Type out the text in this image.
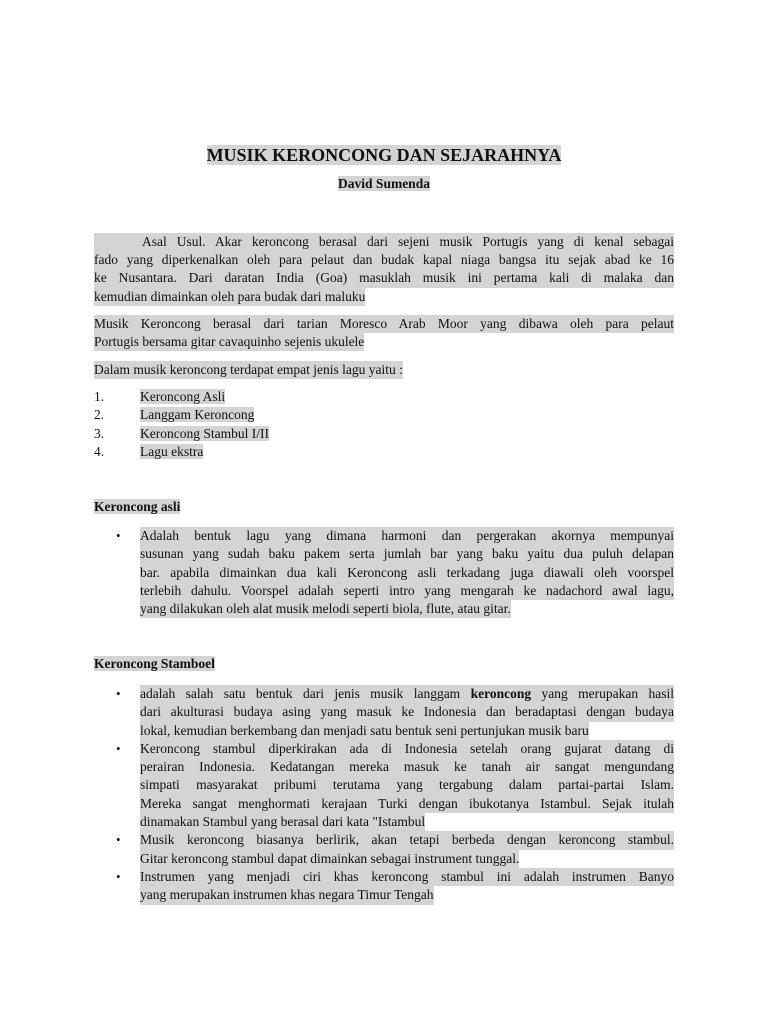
MUSIK KERONCONG DAN SEJARAHNYA
David Sumenda
Asal Usul. Akar keroncong berasal dari sejeni musik Portugis yang di kenal sebagai
fado yang diperkenalkan oleh para pelaut dan budak kapal niaga bangsa itu sejak abad ke 16
ke Nusantara. Dari daratan India (Goa) masuklah musik ini pertama kali di malaka dan
kemudian dimainkan oleh para budak dari maluku
Musik Keroncong berasal dari tarian Moresco Arab Moor yang dibawa oleh para pelaut
Portugis bersama gitar cavaquinho sejenis ukulele
Dalam musik keroncong terdapat empat jenis lagu yaitu :
1.	Keroncong Asli
2.	Langgam Keroncong
3.	Keroncong Stambul I/II
4.	Lagu ekstra
Keroncong asli
• Adalah bentuk lagu yang dimana harmoni dan pergerakan akornya mempunyai
susunan yang sudah baku pakem serta jumlah bar yang baku yaitu dua puluh delapan
bar. apabila dimainkan dua kali Keroncong asli terkadang juga diawali oleh voorspel
terlebih dahulu. Voorspel adalah seperti intro yang mengarah ke nadachord awal lagu,
yang dilakukan oleh alat musik melodi seperti biola, flute, atau gitar.
Keroncong Stamboel
• adalah salah satu bentuk dari jenis musik langgam keroncong yang merupakan hasil
dari akulturasi budaya asing yang masuk ke Indonesia dan beradaptasi dengan budaya
lokal, kemudian berkembang dan menjadi satu bentuk seni pertunjukan musik baru
• Keroncong stambul diperkirakan ada di Indonesia setelah orang gujarat datang di
perairan Indonesia. Kedatangan mereka masuk ke tanah air sangat mengundang
simpati masyarakat pribumi terutama yang tergabung dalam partai-partai Islam.
Mereka sangat menghormati kerajaan Turki dengan ibukotanya Istambul. Sejak itulah
dinamakan Stambul yang berasal dari kata "Istambul
• Musik keroncong biasanya berlirik, akan tetapi berbeda dengan keroncong stambul.
Gitar keroncong stambul dapat dimainkan sebagai instrument tunggal.
• Instrumen yang menjadi ciri khas keroncong stambul ini adalah instrumen Banyo
yang merupakan instrumen khas negara Timur Tengah
